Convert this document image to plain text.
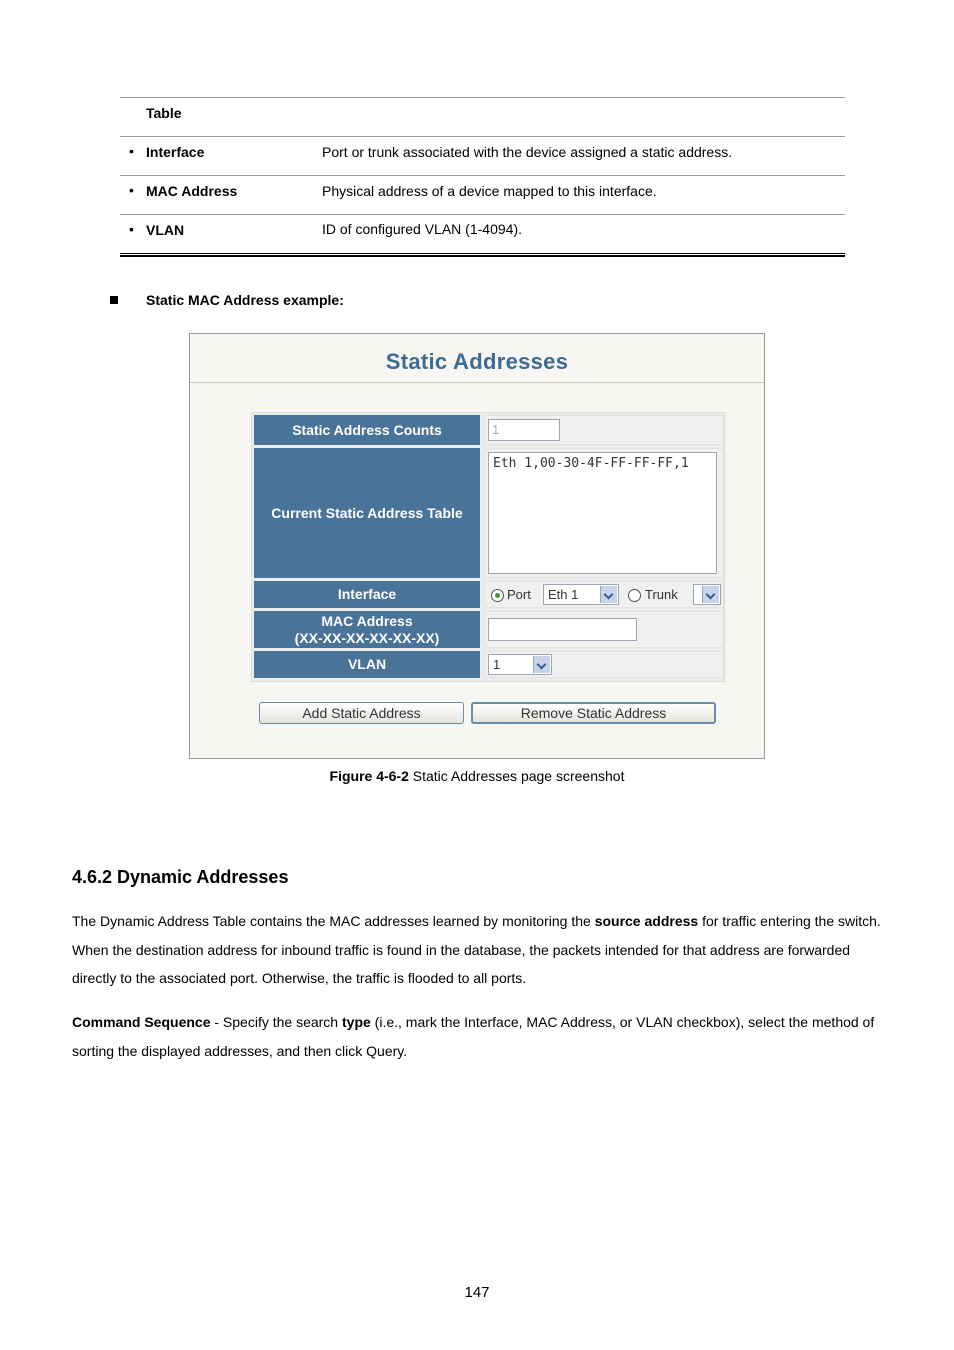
Table
• Interface	Port or trunk associated with the device assigned a static address.
• MAC Address	Physical address of a device mapped to this interface.
• VLAN	ID of configured VLAN (1-4094).
Static MAC Address example:
Static Addresses
Static Address Counts	1
Current Static Address Table
Eth 1,00-30-4F-FF-FF-FF,1
Interface	Port	Eth 1	Trunk
MAC Address
(XX-XX-XX-XX-XX-XX)
VLAN	1
Add Static Address	Remove Static Address
Figure 4-6-2 Static Addresses page screenshot
4.6.2 Dynamic Addresses
The Dynamic Address Table contains the MAC addresses learned by monitoring the source address for traffic entering the switch. When the destination address for inbound traffic is found in the database, the packets intended for that address are forwarded directly to the associated port. Otherwise, the traffic is flooded to all ports.
Command Sequence - Specify the search type (i.e., mark the Interface, MAC Address, or VLAN checkbox), select the method of sorting the displayed addresses, and then click Query.
147
